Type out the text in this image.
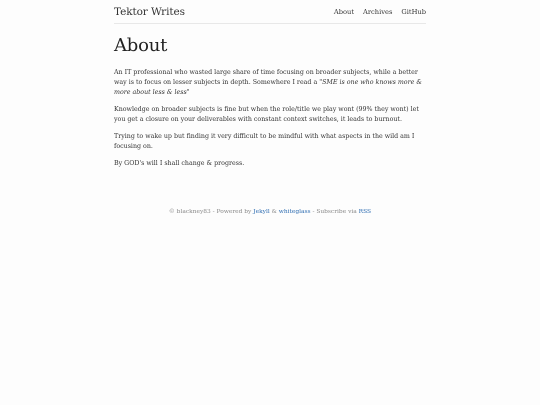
Tektor Writes	About Archives GitHub
About

An IT professional who wasted large share of time focusing on broader subjects, while a better way is to focus on lesser subjects in depth. Somewhere I read a "SME is one who knows more & more about less & less"

Knowledge on broader subjects is fine but when the role/title we play wont (99% they wont) let you get a closure on your deliverables with constant context switches, it leads to burnout.

Trying to wake up but finding it very difficult to be mindful with what aspects in the wild am I focusing on.

By GOD's will I shall change & progress.

© blackney83 - Powered by Jekyll & whiteglass - Subscribe via RSS
